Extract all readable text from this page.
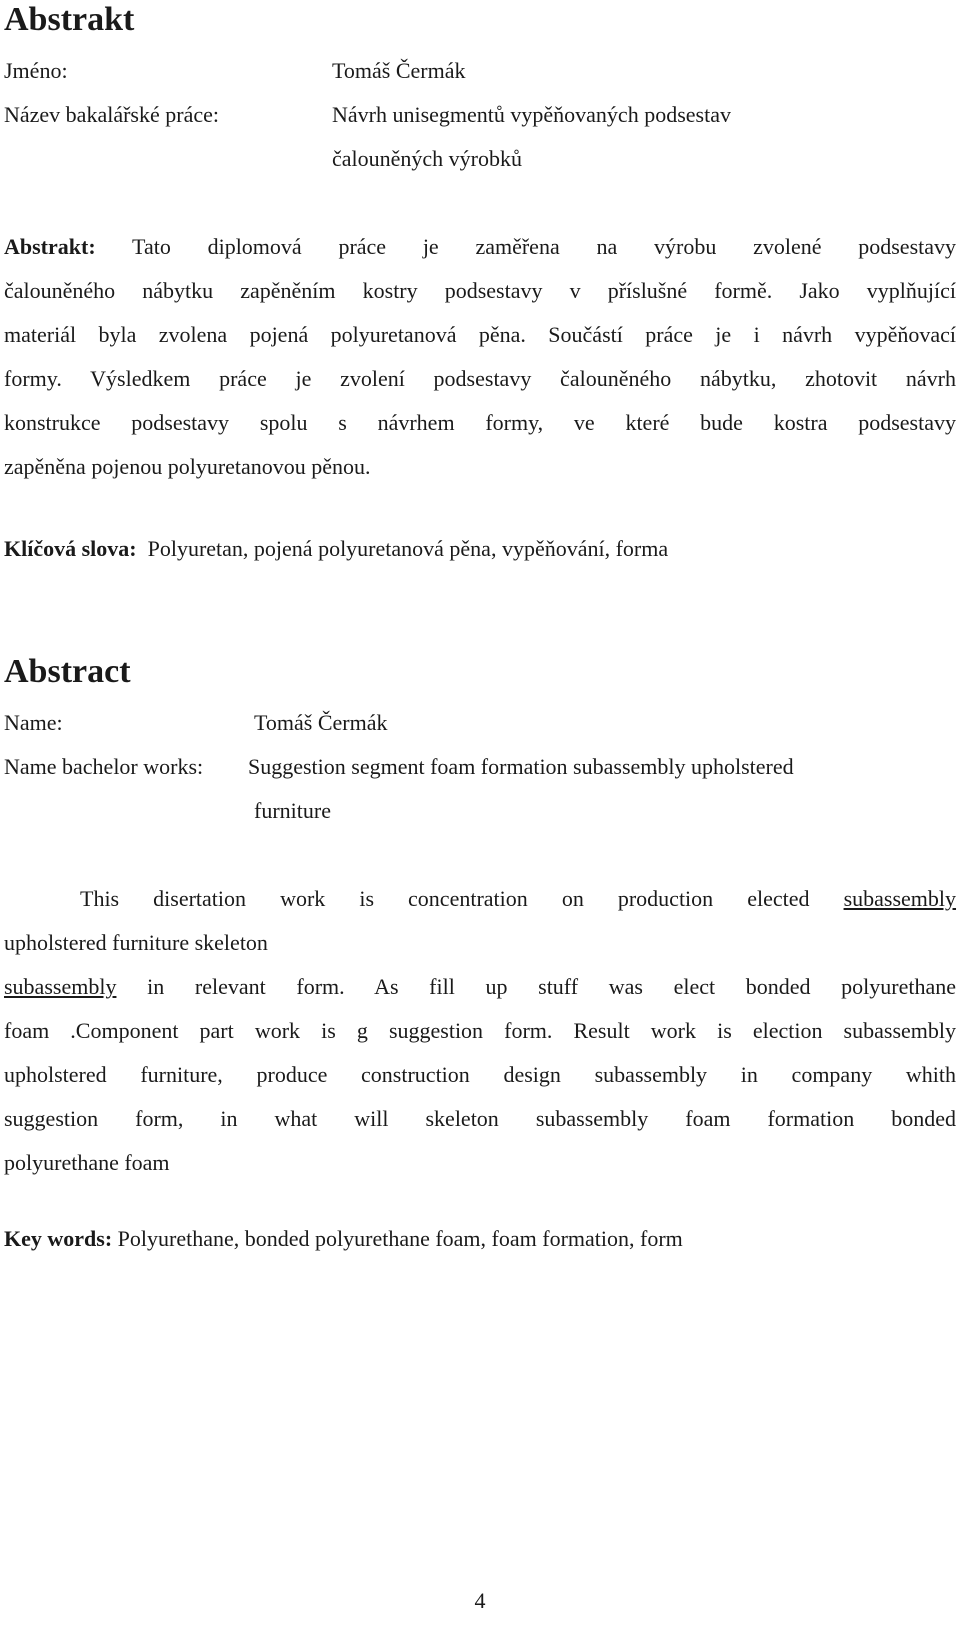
Abstrakt
Jméno:	Tomáš Čermák
Název bakalářské práce:	Návrh unisegmentů vypěňovaných podsestav
čalouněných výrobků
Abstrakt: Tato diplomová práce je zaměřena na výrobu zvolené podsestavy
čalouněného nábytku zapěněním kostry podsestavy v příslušné formě. Jako vyplňující
materiál byla zvolena pojená polyuretanová pěna. Součástí práce je i návrh vypěňovací
formy. Výsledkem práce je zvolení podsestavy čalouněného nábytku, zhotovit návrh
konstrukce podsestavy spolu s návrhem formy, ve které bude kostra podsestavy
zapěněna pojenou polyuretanovou pěnou.
Klíčová slova: Polyuretan, pojená polyuretanová pěna, vypěňování, forma
Abstract
Name:	Tomáš Čermák
Name bachelor works: Suggestion segment foam formation subassembly upholstered
furniture
This disertation work is concentration on production elected subassembly
upholstered furniture skeleton
subassembly in relevant form. As fill up stuff was elect bonded polyurethane
foam .Component part work is g suggestion form. Result work is election subassembly
upholstered furniture, produce construction design subassembly in company whith
suggestion form, in what will skeleton subassembly foam formation bonded
polyurethane foam
Key words: Polyurethane, bonded polyurethane foam, foam formation, form
4
